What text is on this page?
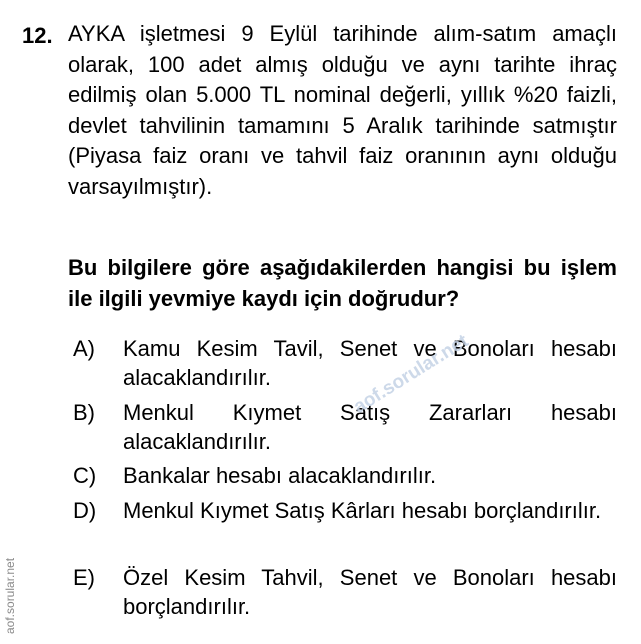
12. AYKA işletmesi 9 Eylül tarihinde alım-satım amaçlı olarak, 100 adet almış olduğu ve aynı tarihte ihraç edilmiş olan 5.000 TL nominal değerli, yıllık %20 faizli, devlet tahvilinin tamamını 5 Aralık tarihinde satmıştır (Piyasa faiz oranı ve tahvil faiz oranının aynı olduğu varsayılmıştır).
Bu bilgilere göre aşağıdakilerden hangisi bu işlem ile ilgili yevmiye kaydı için doğrudur?
A)	Kamu Kesim Tavil, Senet ve Bonoları hesabı alacaklandırılır.
B)	Menkul Kıymet Satış Zararları hesabı alacaklandırılır.
C)	Bankalar hesabı alacaklandırılır.
D)	Menkul Kıymet Satış Kârları hesabı borçlandırılır.
E)	Özel Kesim Tahvil, Senet ve Bonoları hesabı borçlandırılır.
aof.sorular.net
aof.sorular.net
